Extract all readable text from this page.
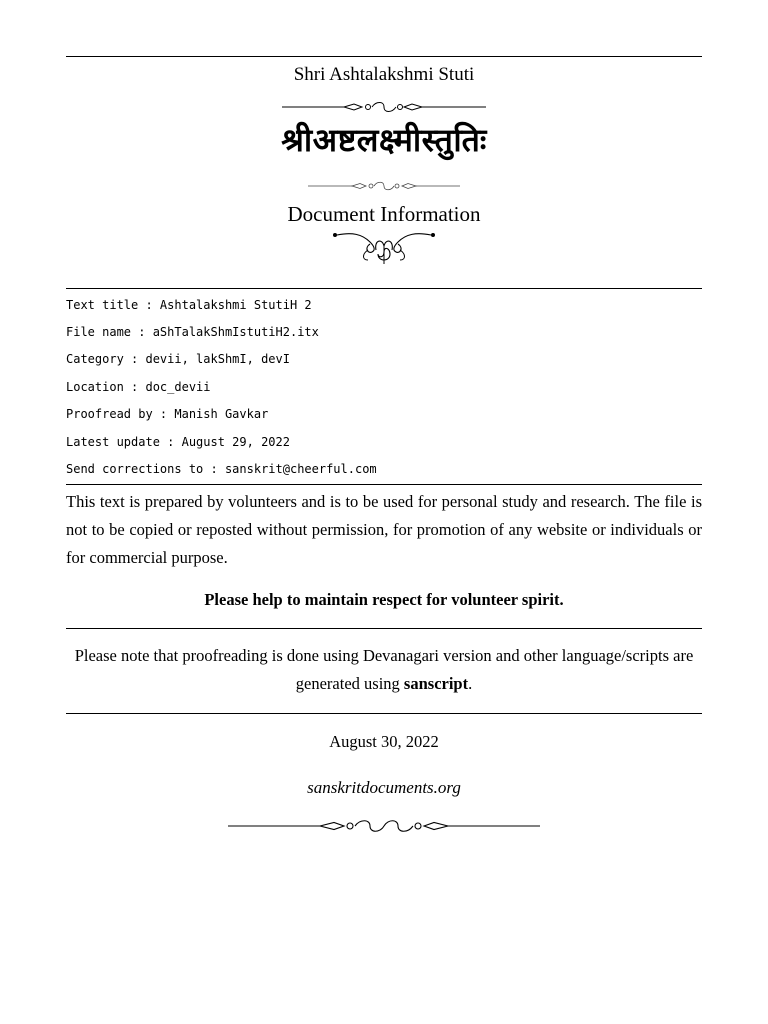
Shri Ashtalakshmi Stuti
श्रीअष्टलक्ष्मीस्तुतिः
Document Information
Text title : Ashtalakshmi StutiH 2
File name : aShTalakShmIstutiH2.itx
Category : devii, lakShmI, devI
Location : doc_devii
Proofread by : Manish Gavkar
Latest update : August 29, 2022
Send corrections to : sanskrit@cheerful.com
This text is prepared by volunteers and is to be used for personal study and research. The file is not to be copied or reposted without permission, for promotion of any website or individuals or for commercial purpose.
Please help to maintain respect for volunteer spirit.
Please note that proofreading is done using Devanagari version and other language/scripts are generated using sanscript.
August 30, 2022
sanskritdocuments.org
